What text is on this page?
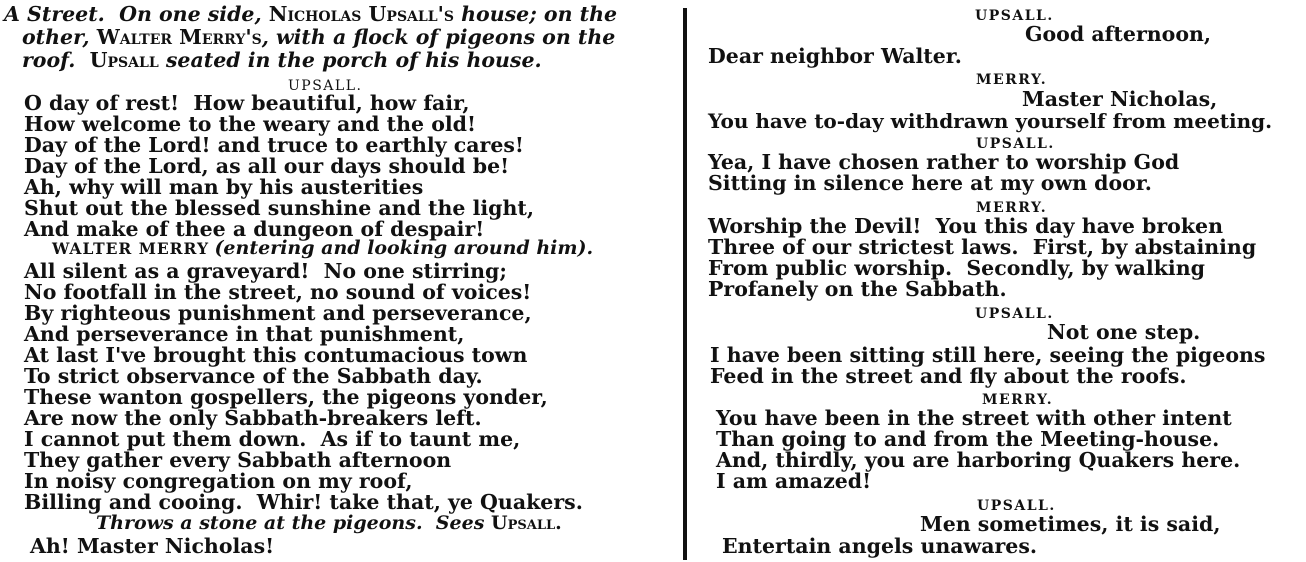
A Street. On one side, Nicholas Upsall's house; on the
other, Walter Merry's, with a flock of pigeons on the
roof. Upsall seated in the porch of his house.
UPSALL.
O day of rest!  How beautiful, how fair,
How welcome to the weary and the old!
Day of the Lord! and truce to earthly cares!
Day of the Lord, as all our days should be!
Ah, why will man by his austerities
Shut out the blessed sunshine and the light,
And make of thee a dungeon of despair!
WALTER MERRY (entering and looking around him).
All silent as a graveyard!  No one stirring;
No footfall in the street, no sound of voices!
By righteous punishment and perseverance,
And perseverance in that punishment,
At last I've brought this contumacious town
To strict observance of the Sabbath day.
These wanton gospellers, the pigeons yonder,
Are now the only Sabbath-breakers left.
I cannot put them down.  As if to taunt me,
They gather every Sabbath afternoon
In noisy congregation on my roof,
Billing and cooing.  Whir! take that, ye Quakers.
Throws a stone at the pigeons.  Sees Upsall.
Ah! Master Nicholas!
UPSALL.
Good afternoon,
Dear neighbor Walter.
MERRY.
Master Nicholas,
You have to-day withdrawn yourself from meeting.
UPSALL.
Yea, I have chosen rather to worship God
Sitting in silence here at my own door.
MERRY.
Worship the Devil!  You this day have broken
Three of our strictest laws.  First, by abstaining
From public worship.  Secondly, by walking
Profanely on the Sabbath.
UPSALL.
Not one step.
I have been sitting still here, seeing the pigeons
Feed in the street and fly about the roofs.
MERRY.
You have been in the street with other intent
Than going to and from the Meeting-house.
And, thirdly, you are harboring Quakers here.
I am amazed!
UPSALL.
Men sometimes, it is said,
Entertain angels unawares.
